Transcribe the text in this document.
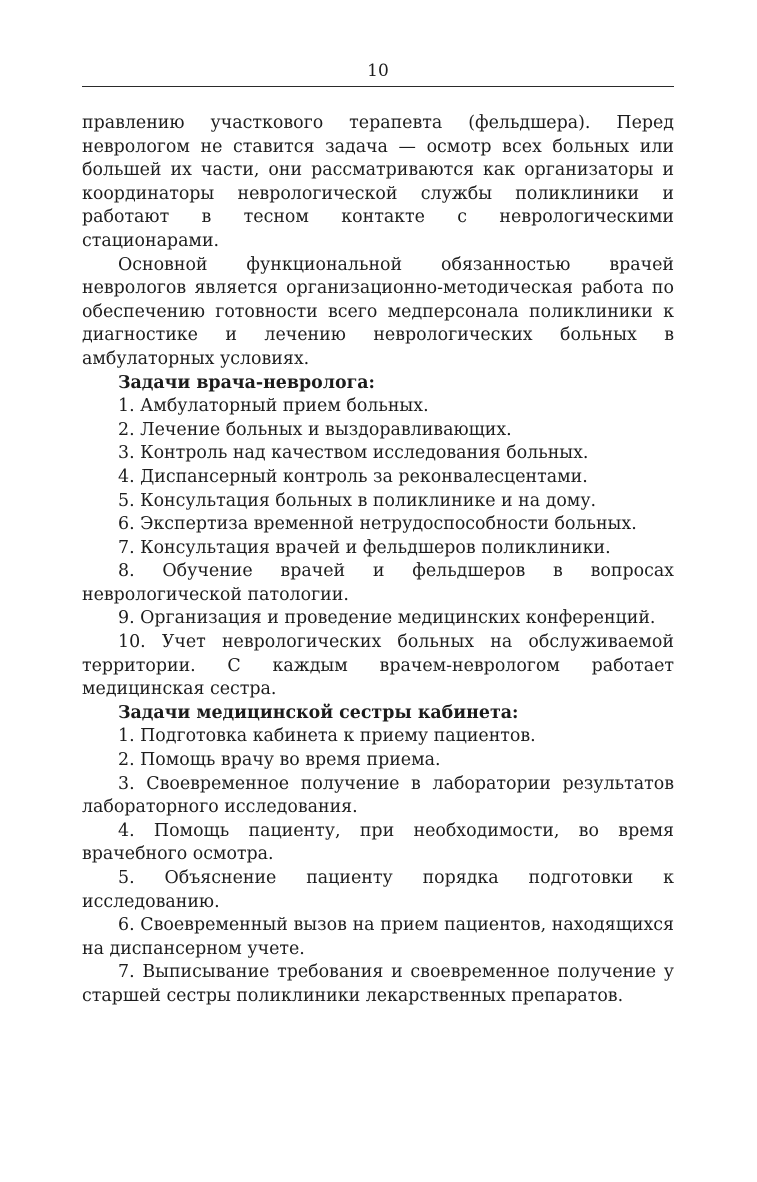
10

правлению участкового терапевта (фельдшера). Перед неврологом не ставится задача — осмотр всех больных или большей их части, они рассматриваются как организаторы и координаторы неврологической службы поликлиники и работают в тесном контакте с неврологическими стационарами.

Основной функциональной обязанностью врачей неврологов является организационно-методическая работа по обеспечению готовности всего медперсонала поликлиники к диагностике и лечению неврологических больных в амбулаторных условиях.

Задачи врача-невролога:

1. Амбулаторный прием больных.

2. Лечение больных и выздоравливающих.

3. Контроль над качеством исследования больных.

4. Диспансерный контроль за реконвалесцентами.

5. Консультация больных в поликлинике и на дому.

6. Экспертиза временной нетрудоспособности больных.

7. Консультация врачей и фельдшеров поликлиники.

8. Обучение врачей и фельдшеров в вопросах неврологической патологии.

9. Организация и проведение медицинских конференций.

10. Учет неврологических больных на обслуживаемой территории. С каждым врачем-неврологом работает медицинская сестра.

Задачи медицинской сестры кабинета:

1. Подготовка кабинета к приему пациентов.

2. Помощь врачу во время приема.

3. Своевременное получение в лаборатории результатов лабораторного исследования.

4. Помощь пациенту, при необходимости, во время врачебного осмотра.

5. Объяснение пациенту порядка подготовки к исследованию.

6. Своевременный вызов на прием пациентов, находящихся на диспансерном учете.

7. Выписывание требования и своевременное получение у старшей сестры поликлиники лекарственных препаратов.
